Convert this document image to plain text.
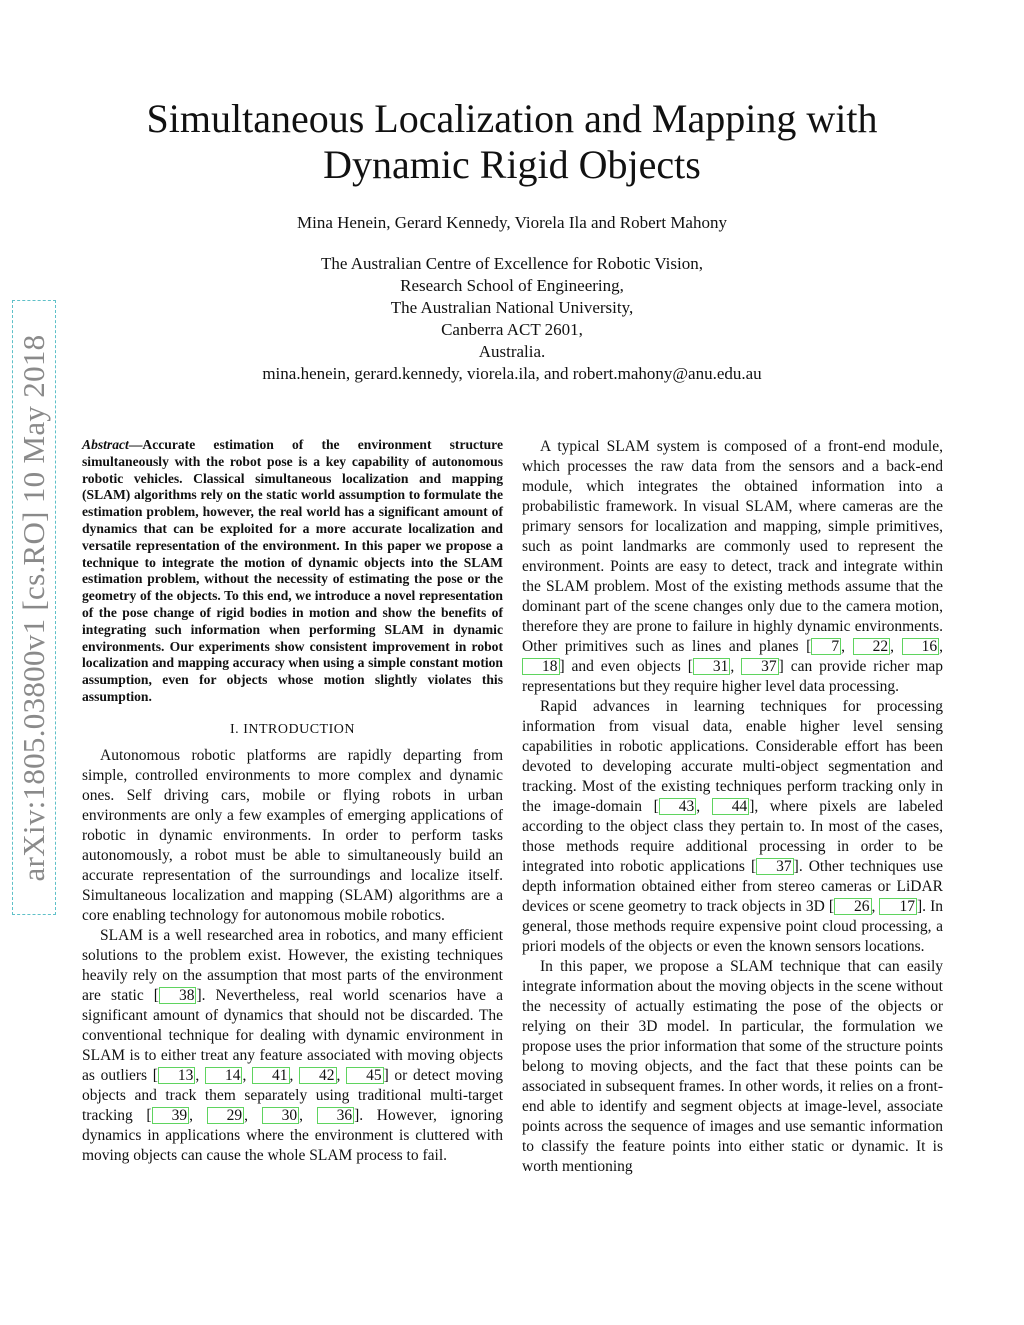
arXiv:1805.03800v1 [cs.RO] 10 May 2018
Simultaneous Localization and Mapping with
Dynamic Rigid Objects
Mina Henein, Gerard Kennedy, Viorela Ila and Robert Mahony
The Australian Centre of Excellence for Robotic Vision,
Research School of Engineering,
The Australian National University,
Canberra ACT 2601,
Australia.
mina.henein, gerard.kennedy, viorela.ila, and robert.mahony@anu.edu.au

Abstract—Accurate estimation of the environment structure simultaneously with the robot pose is a key capability of autonomous robotic vehicles. Classical simultaneous localization and mapping (SLAM) algorithms rely on the static world assumption to formulate the estimation problem, however, the real world has a significant amount of dynamics that can be exploited for a more accurate localization and versatile representation of the environment. In this paper we propose a technique to integrate the motion of dynamic objects into the SLAM estimation problem, without the necessity of estimating the pose or the geometry of the objects. To this end, we introduce a novel representation of the pose change of rigid bodies in motion and show the benefits of integrating such information when performing SLAM in dynamic environments. Our experiments show consistent improvement in robot localization and mapping accuracy when using a simple constant motion assumption, even for objects whose motion slightly violates this assumption.

I. INTRODUCTION

Autonomous robotic platforms are rapidly departing from simple, controlled environments to more complex and dynamic ones. Self driving cars, mobile or flying robots in urban environments are only a few examples of emerging applications of robotic in dynamic environments. In order to perform tasks autonomously, a robot must be able to simultaneously build an accurate representation of the surroundings and localize itself. Simultaneous localization and mapping (SLAM) algorithms are a core enabling technology for autonomous mobile robotics.

SLAM is a well researched area in robotics, and many efficient solutions to the problem exist. However, the existing techniques heavily rely on the assumption that most parts of the environment are static [ 38 ]. Nevertheless, real world scenarios have a significant amount of dynamics that should not be discarded. The conventional technique for dealing with dynamic environment in SLAM is to either treat any feature associated with moving objects as outliers [ 13 , 14 , 41 , 42 , 45 ] or detect moving objects and track them separately using traditional multi-target tracking [ 39 , 29 , 30 , 36 ]. However, ignoring dynamics in applications where the environment is cluttered with moving objects can cause the whole SLAM process to fail.

A typical SLAM system is composed of a front-end module, which processes the raw data from the sensors and a back-end module, which integrates the obtained information into a probabilistic framework. In visual SLAM, where cameras are the primary sensors for localization and mapping, simple primitives, such as point landmarks are commonly used to represent the environment. Points are easy to detect, track and integrate within the SLAM problem. Most of the existing methods assume that the dominant part of the scene changes only due to the camera motion, therefore they are prone to failure in highly dynamic environments. Other primitives such as lines and planes [ 7 , 22 , 16 , 18 ] and even objects [ 31 , 37 ] can provide richer map representations but they require higher level data processing.

Rapid advances in learning techniques for processing information from visual data, enable higher level sensing capabilities in robotic applications. Considerable effort has been devoted to developing accurate multi-object segmentation and tracking. Most of the existing techniques perform tracking only in the image-domain [ 43 , 44 ], where pixels are labeled according to the object class they pertain to. In most of the cases, those methods require additional processing in order to be integrated into robotic applications [ 37 ]. Other techniques use depth information obtained either from stereo cameras or LiDAR devices or scene geometry to track objects in 3D [ 26 , 17 ]. In general, those methods require expensive point cloud processing, a priori models of the objects or even the known sensors locations.

In this paper, we propose a SLAM technique that can easily integrate information about the moving objects in the scene without the necessity of actually estimating the pose of the objects or relying on their 3D model. In particular, the formulation we propose uses the prior information that some of the structure points belong to moving objects, and the fact that these points can be associated in subsequent frames. In other words, it relies on a front-end able to identify and segment objects at image-level, associate points across the sequence of images and use semantic information to classify the feature points into either static or dynamic. It is worth mentioning
